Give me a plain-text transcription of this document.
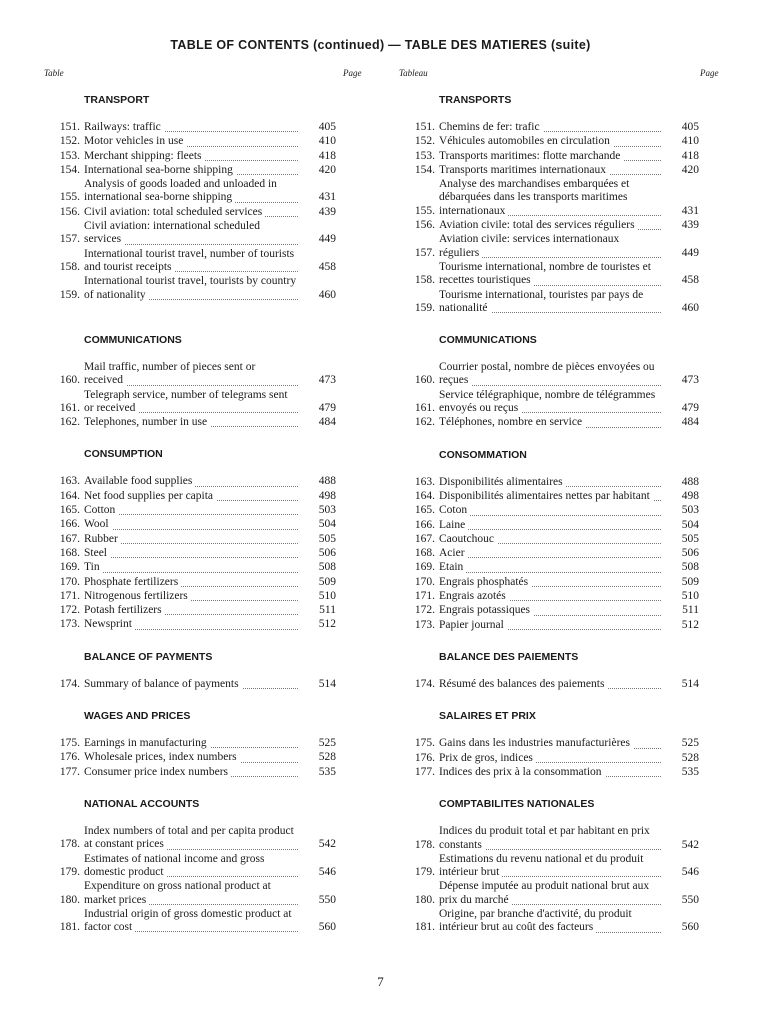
TABLE OF CONTENTS (continued) — TABLE DES MATIERES (suite)
Table	Page	Tableau	Page
TRANSPORT
151. Railways: traffic	405
152. Motor vehicles in use	410
153. Merchant shipping: fleets	418
154. International sea-borne shipping	420
155.
Analysis of goods loaded and unloaded in international sea-borne shipping	431
156. Civil aviation: total scheduled services	439
157.
Civil aviation: international scheduled services	449
158.
International tourist travel, number of tourists and tourist receipts	458
159.
International tourist travel, tourists by country of nationality	460
COMMUNICATIONS
160.
Mail traffic, number of pieces sent or received	473
161.
Telegraph service, number of telegrams sent or received	479
162. Telephones, number in use	484
CONSUMPTION
163. Available food supplies	488
164. Net food supplies per capita	498
165. Cotton	503
166. Wool	504
167. Rubber	505
168. Steel	506
169. Tin	508
170. Phosphate fertilizers	509
171. Nitrogenous fertilizers	510
172. Potash fertilizers	511
173. Newsprint	512
BALANCE OF PAYMENTS
174. Summary of balance of payments	514
WAGES AND PRICES
175. Earnings in manufacturing	525
176. Wholesale prices, index numbers	528
177. Consumer price index numbers	535
NATIONAL ACCOUNTS
178.
Index numbers of total and per capita product at constant prices	542
179.
Estimates of national income and gross domestic product	546
180.
Expenditure on gross national product at market prices	550
181.
Industrial origin of gross domestic product at factor cost	560
TRANSPORTS
151. Chemins de fer: trafic	405
152. Véhicules automobiles en circulation	410
153. Transports maritimes: flotte marchande	418
154. Transports maritimes internationaux	420
155.
Analyse des marchandises embarquées et débarquées dans les transports maritimes internationaux	431
156. Aviation civile: total des services réguliers	439
157.
Aviation civile: services internationaux réguliers	449
158.
Tourisme international, nombre de touristes et recettes touristiques	458
159.
Tourisme international, touristes par pays de nationalité	460
COMMUNICATIONS
160.
Courrier postal, nombre de pièces envoyées ou reçues	473
161.
Service télégraphique, nombre de télégrammes envoyés ou reçus	479
162. Téléphones, nombre en service	484
CONSOMMATION
163. Disponibilités alimentaires	488
164. Disponibilités alimentaires nettes par habitant	498
165. Coton	503
166. Laine	504
167. Caoutchouc	505
168. Acier	506
169. Etain	508
170. Engrais phosphatés	509
171. Engrais azotés	510
172. Engrais potassiques	511
173. Papier journal	512
BALANCE DES PAIEMENTS
174. Résumé des balances des paiements	514
SALAIRES ET PRIX
175. Gains dans les industries manufacturières	525
176. Prix de gros, indices	528
177. Indices des prix à la consommation	535
COMPTABILITES NATIONALES
178.
Indices du produit total et par habitant en prix constants	542
179.
Estimations du revenu national et du produit intérieur brut	546
180.
Dépense imputée au produit national brut aux prix du marché	550
181.
Origine, par branche d'activité, du produit intérieur brut au coût des facteurs	560
7
